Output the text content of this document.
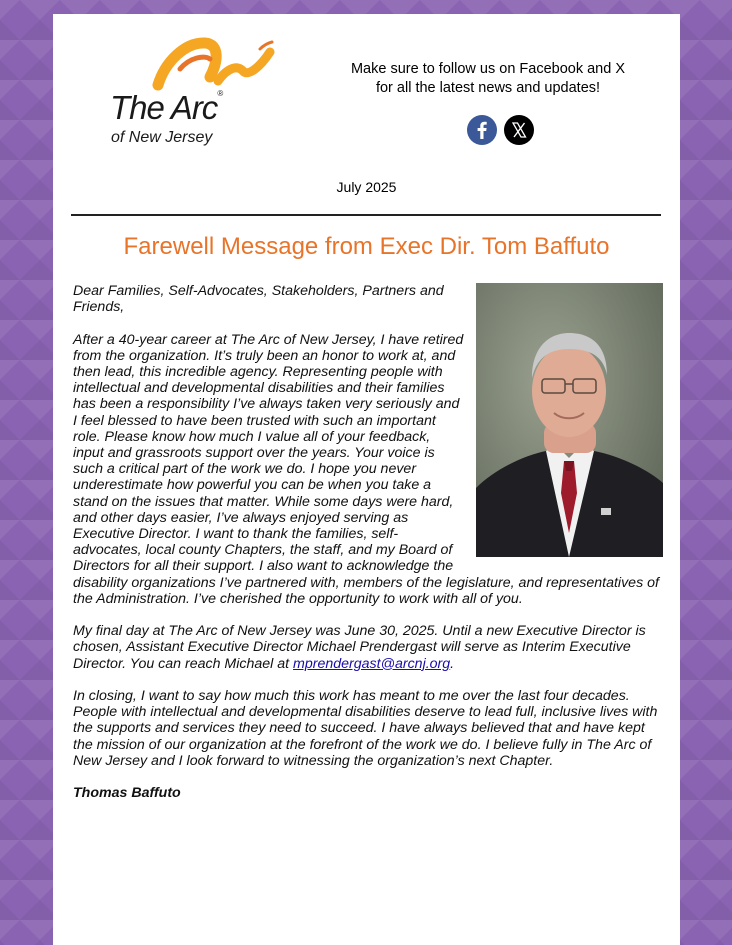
The Arc®
of New Jersey
Make sure to follow us on Facebook and X
for all the latest news and updates!
July 2025
Farewell Message from Exec Dir. Tom Baffuto

Dear Families, Self-Advocates, Stakeholders, Partners and Friends,

After a 40-year career at The Arc of New Jersey, I have retired from the organization. It’s truly been an honor to work at, and then lead, this incredible agency. Representing people with intellectual and developmental disabilities and their families has been a responsibility I’ve always taken very seriously and I feel blessed to have been trusted with such an important role. Please know how much I value all of your feedback, input and grassroots support over the years. Your voice is such a critical part of the work we do. I hope you never underestimate how powerful you can be when you take a stand on the issues that matter. While some days were hard, and other days easier, I’ve always enjoyed serving as Executive Director. I want to thank the families, self-advocates, local county Chapters, the staff, and my Board of Directors for all their support. I also want to acknowledge the disability organizations I’ve partnered with, members of the legislature, and representatives of the Administration. I’ve cherished the opportunity to work with all of you.

My final day at The Arc of New Jersey was June 30, 2025. Until a new Executive Director is chosen, Assistant Executive Director Michael Prendergast will serve as Interim Executive Director. You can reach Michael at mprendergast@arcnj.org.

In closing, I want to say how much this work has meant to me over the last four decades. People with intellectual and developmental disabilities deserve to lead full, inclusive lives with the supports and services they need to succeed. I have always believed that and have kept the mission of our organization at the forefront of the work we do. I believe fully in The Arc of New Jersey and I look forward to witnessing the organization’s next Chapter.

Thomas Baffuto
